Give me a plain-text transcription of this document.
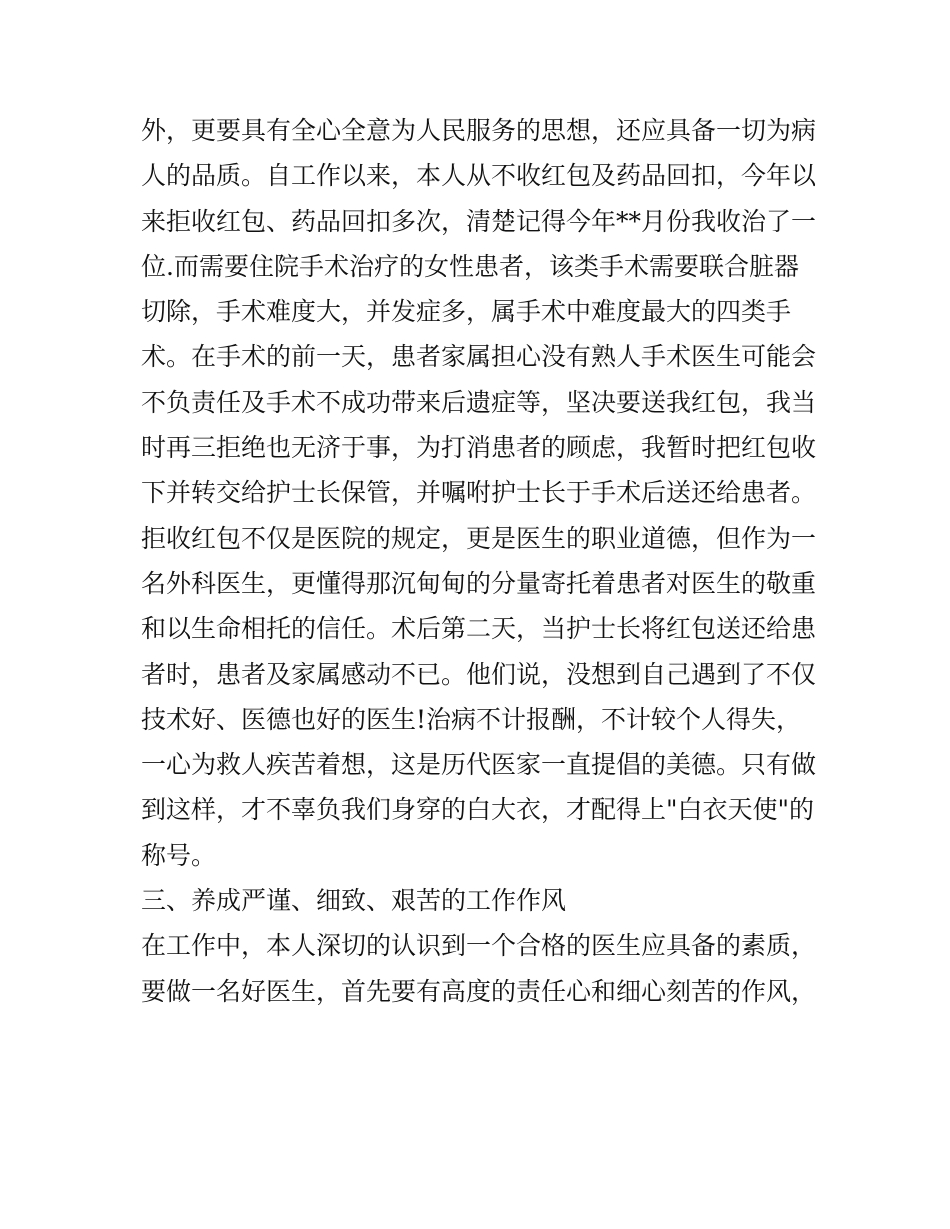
外，更要具有全心全意为人民服务的思想，还应具备一切为病
人的品质。自工作以来，本人从不收红包及药品回扣，今年以
来拒收红包、药品回扣多次，清楚记得今年**月份我收治了一
位.而需要住院手术治疗的女性患者，该类手术需要联合脏器
切除，手术难度大，并发症多，属手术中难度最大的四类手
术。在手术的前一天，患者家属担心没有熟人手术医生可能会
不负责任及手术不成功带来后遗症等，坚决要送我红包，我当
时再三拒绝也无济于事，为打消患者的顾虑，我暂时把红包收
下并转交给护士长保管，并嘱咐护士长于手术后送还给患者。
拒收红包不仅是医院的规定，更是医生的职业道德，但作为一
名外科医生，更懂得那沉甸甸的分量寄托着患者对医生的敬重
和以生命相托的信任。术后第二天，当护士长将红包送还给患
者时，患者及家属感动不已。他们说，没想到自己遇到了不仅
技术好、医德也好的医生!治病不计报酬，不计较个人得失，
一心为救人疾苦着想，这是历代医家一直提倡的美德。只有做
到这样，才不辜负我们身穿的白大衣，才配得上"白衣天使"的
称号。
三、养成严谨、细致、艰苦的工作作风
在工作中，本人深切的认识到一个合格的医生应具备的素质，
要做一名好医生，首先要有高度的责任心和细心刻苦的作风，
